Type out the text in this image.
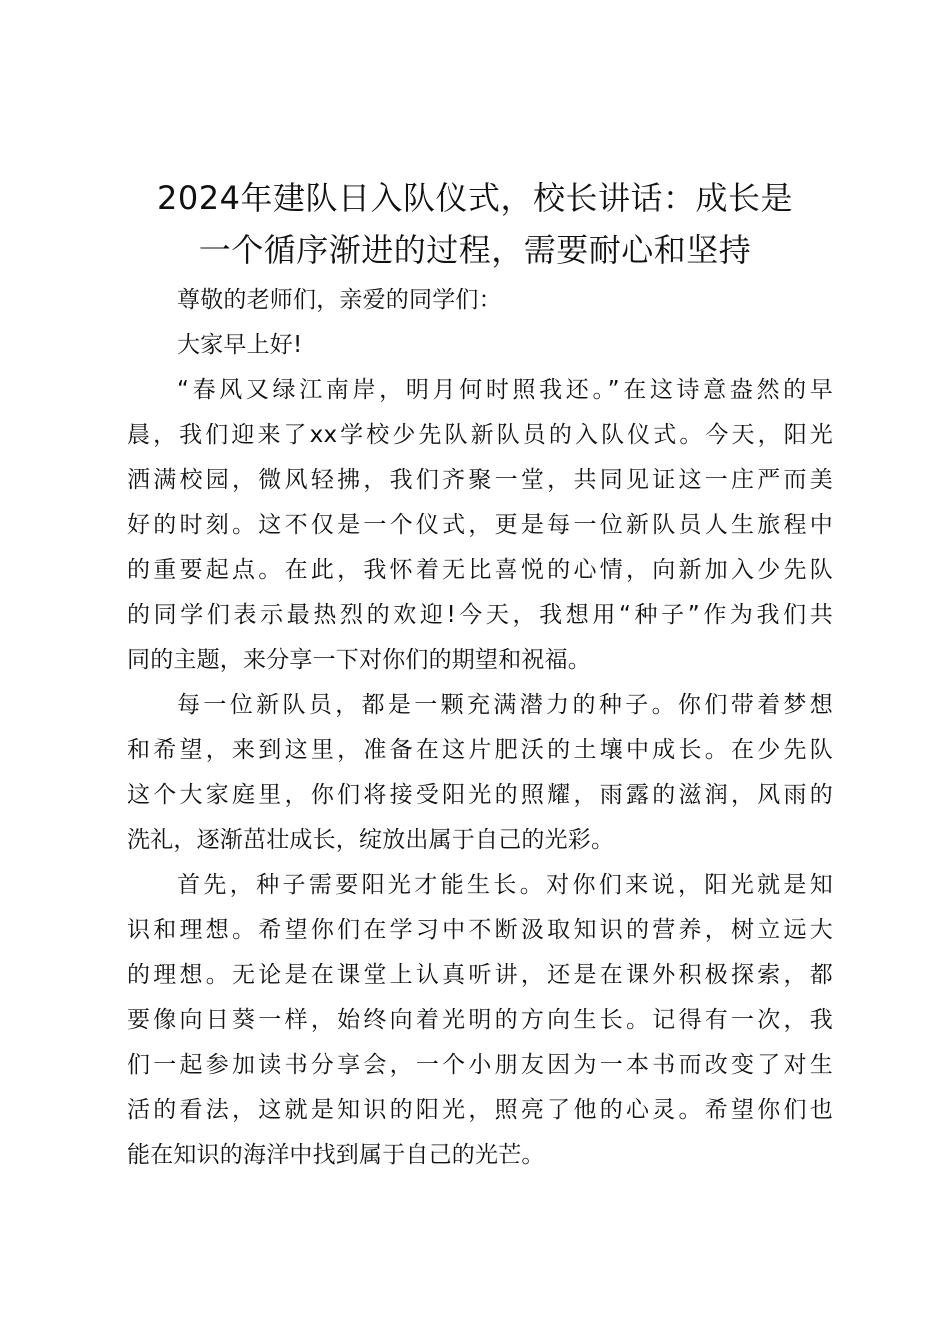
2024年建队日入队仪式，校长讲话：成长是
一个循序渐进的过程，需要耐心和坚持

尊敬的老师们，亲爱的同学们：

大家早上好!

“春风又绿江南岸，明月何时照我还。”在这诗意盎然的早
晨，我们迎来了xx学校少先队新队员的入队仪式。今天，阳光
洒满校园，微风轻拂，我们齐聚一堂，共同见证这一庄严而美
好的时刻。这不仅是一个仪式，更是每一位新队员人生旅程中
的重要起点。在此，我怀着无比喜悦的心情，向新加入少先队
的同学们表示最热烈的欢迎!今天，我想用“种子”作为我们共
同的主题，来分享一下对你们的期望和祝福。

每一位新队员，都是一颗充满潜力的种子。你们带着梦想
和希望，来到这里，准备在这片肥沃的土壤中成长。在少先队
这个大家庭里，你们将接受阳光的照耀，雨露的滋润，风雨的
洗礼，逐渐茁壮成长，绽放出属于自己的光彩。

首先，种子需要阳光才能生长。对你们来说，阳光就是知
识和理想。希望你们在学习中不断汲取知识的营养，树立远大
的理想。无论是在课堂上认真听讲，还是在课外积极探索，都
要像向日葵一样，始终向着光明的方向生长。记得有一次，我
们一起参加读书分享会，一个小朋友因为一本书而改变了对生
活的看法，这就是知识的阳光，照亮了他的心灵。希望你们也
能在知识的海洋中找到属于自己的光芒。
